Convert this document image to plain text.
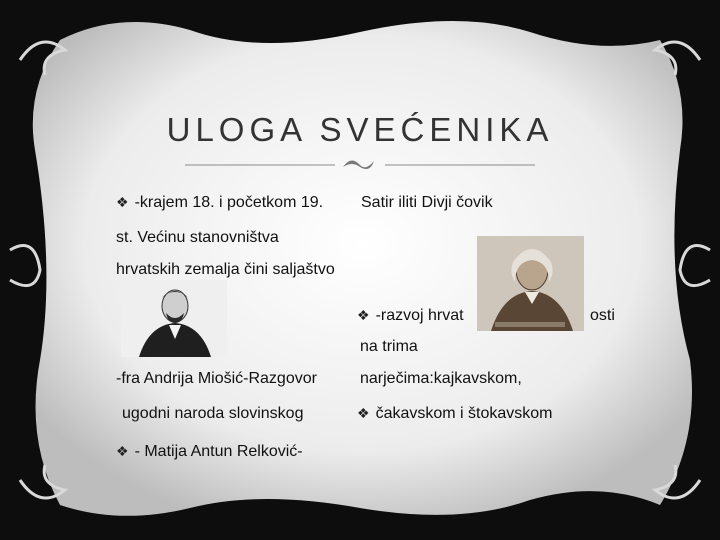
ULOGA SVEĆENIKA
❖ -krajem 18. i početkom 19. Satir iliti Divji čovik
st. Većinu stanovništva
hrvatskih zemalja čini saljaštvo
❖ -razvoj hrvat	osti
na trima
-fra Andrija Miošić-Razgovor	narječima:kajkavskom,
ugodni naroda slovinskog	❖ čakavskom i štokavskom
❖ - Matija Antun Relković-
